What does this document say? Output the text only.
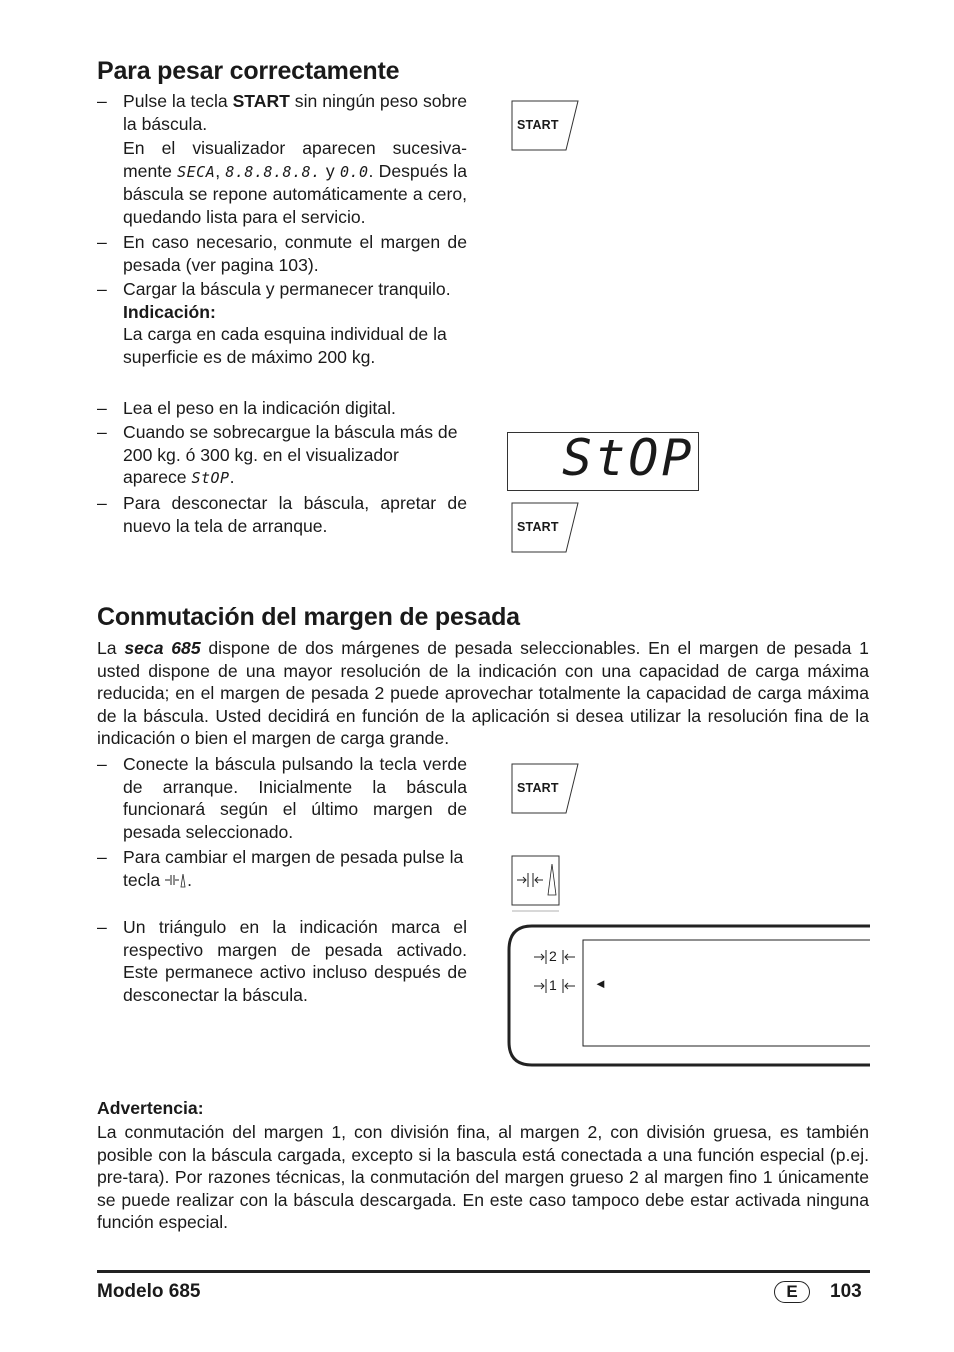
Para pesar correctamente
– Pulse la tecla START sin ningún peso sobre la báscula.
En el visualizador aparecen sucesiva-mente SECA, 8.8.8.8.8. y 0.0. Después la báscula se repone automáticamente a cero, quedando lista para el servicio.
– En caso necesario, conmute el margen de pesada (ver pagina 103).
– Cargar la báscula y permanecer tranquilo.
Indicación:
La carga en cada esquina individual de la superficie es de máximo 200 kg.
– Lea el peso en la indicación digital.
– Cuando se sobrecargue la báscula más de 200 kg. ó 300 kg. en el visualizador aparece StOP.
– Para desconectar la báscula, apretar de nuevo la tela de arranque.
START
StOP
START
Conmutación del margen de pesada
La seca 685 dispone de dos márgenes de pesada seleccionables. En el margen de pesada 1 usted dispone de una mayor resolución de la indicación con una capacidad de carga máxima reducida; en el margen de pesada 2 puede aprovechar totalmente la capacidad de carga máxima de la báscula. Usted decidirá en función de la aplicación si desea utilizar la resolución fina de la indicación o bien el margen de carga grande.
– Conecte la báscula pulsando la tecla verde de arranque. Inicialmente la báscula funcionará según el último margen de pesada seleccionado.
– Para cambiar el margen de pesada pulse la tecla .
– Un triángulo en la indicación marca el respectivo margen de pesada activado. Este permanece activo incluso después de desconectar la báscula.
START
2
1	◄
Advertencia:
La conmutación del margen 1, con división fina, al margen 2, con división gruesa, es también posible con la báscula cargada, excepto si la bascula está conectada a una función especial (p.ej. pre-tara). Por razones técnicas, la conmutación del margen grueso 2 al margen fino 1 únicamente se puede realizar con la báscula descargada. En este caso tampoco debe estar activada ninguna función especial.
Modelo 685	E	103
